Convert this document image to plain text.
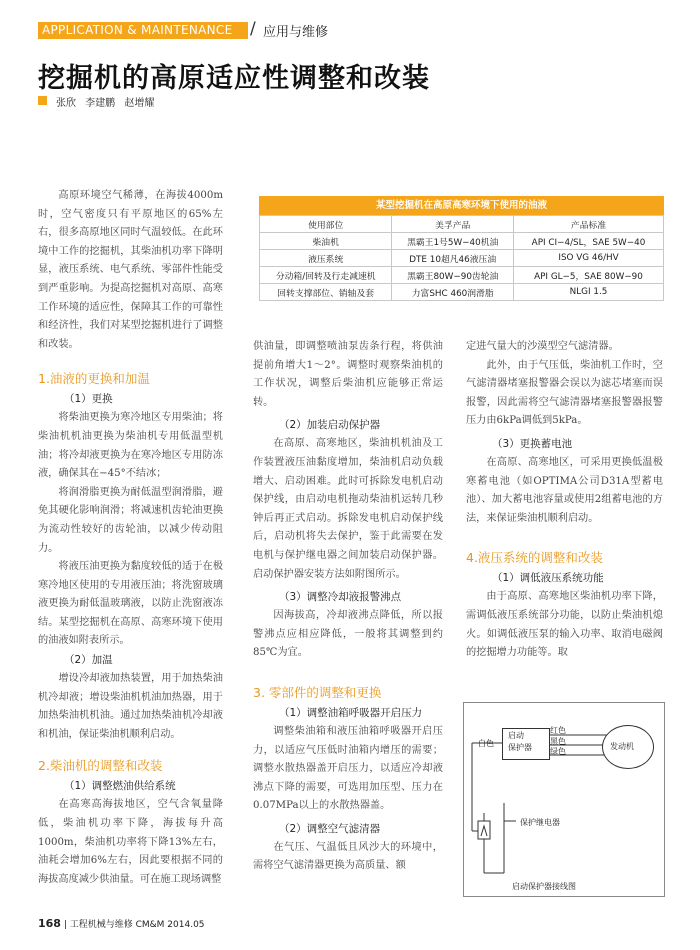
APPLICATION & MAINTENANCE / 应用与维修
挖掘机的高原适应性调整和改装
张欣 李建鹏 赵增耀

高原环境空气稀薄，在海拔4000m时，空气密度只有平原地区的65%左右，很多高原地区同时气温较低。在此环境中工作的挖掘机，其柴油机功率下降明显，液压系统、电气系统、零部件性能受到严重影响。为提高挖掘机对高原、高寒工作环境的适应性，保障其工作的可靠性和经济性，我们对某型挖掘机进行了调整和改装。

1.油液的更换和加温
（1）更换

将柴油更换为寒冷地区专用柴油；将柴油机机油更换为柴油机专用低温型机油；将冷却液更换为在寒冷地区专用防冻液，确保其在−45°不结冰；

将润滑脂更换为耐低温型润滑脂，避免其硬化影响润滑；将减速机齿轮油更换为流动性较好的齿轮油，以减少传动阻力。

将液压油更换为黏度较低的适于在极寒冷地区使用的专用液压油；将洗窗玻璃液更换为耐低温玻璃液，以防止洗窗液冻结。某型挖掘机在高原、高寒环境下使用的油液如附表所示。

（2）加温

增设冷却液加热装置，用于加热柴油机冷却液；增设柴油机机油加热器，用于加热柴油机机油。通过加热柴油机冷却液和机油，保证柴油机顺利启动。

2.柴油机的调整和改装
（1）调整燃油供给系统

在高寒高海拔地区，空气含氧量降低，柴油机功率下降，海拔每升高1000m，柴油机功率将下降13%左右，油耗会增加6%左右，因此要根据不同的海拔高度减少供油量。可在施工现场调整

某型挖掘机在高原高寒环境下使用的油液
使用部位	美孚产品	产品标准
柴油机	黑霸王1号5W−40机油	API CI−4/SL，SAE 5W−40
液压系统	DTE 10超凡46液压油	ISO VG 46/HV
分动箱/回转及行走减速机	黑霸王80W−90齿轮油	API GL−5，SAE 80W−90
回转支撑部位、销轴及套	力富SHC 460润滑脂	NLGI 1.5

供油量，即调整喷油泵齿条行程，将供油提前角增大1～2°。调整时观察柴油机的工作状况，调整后柴油机应能够正常运转。

（2）加装启动保护器

在高原、高寒地区，柴油机机油及工作装置液压油黏度增加，柴油机启动负载增大、启动困难。此时可拆除发电机启动保护线，由启动电机拖动柴油机运转几秒钟后再正式启动。拆除发电机启动保护线后，启动机将失去保护，鉴于此需要在发电机与保护继电器之间加装启动保护器。启动保护器安装方法如附图所示。

（3）调整冷却液报警沸点

因海拔高，冷却液沸点降低，所以报警沸点应相应降低，一般将其调整到约85℃为宜。

3. 零部件的调整和更换
（1）调整油箱呼吸器开启压力

调整柴油箱和液压油箱呼吸器开启压力，以适应气压低时油箱内增压的需要；调整水散热器盖开启压力，以适应冷却液沸点下降的需要，可选用加压型、压力在0.07MPa以上的水散热器盖。

（2）调整空气滤清器

在气压、气温低且风沙大的环境中，需将空气滤清器更换为高质量、额

定进气量大的沙漠型空气滤清器。

此外，由于气压低，柴油机工作时，空气滤清器堵塞报警器会误以为滤芯堵塞而误报警，因此需将空气滤清器堵塞报警器报警压力由6kPa调低到5kPa。

（3）更换蓄电池

在高原、高寒地区，可采用更换低温极寒蓄电池（如OPTIMA公司D31A型蓄电池）、加大蓄电池容量或使用2组蓄电池的方法，来保证柴油机顺利启动。

4.液压系统的调整和改装
（1）调低液压系统功能

由于高原、高寒地区柴油机功率下降，需调低液压系统部分功能，以防止柴油机熄火。如调低液压泵的输入功率、取消电磁阀的挖掘增力功能等。取

启动
保护器
白色
红色
黑色
绿色
发动机
保护继电器
启动保护器接线图
168 | 工程机械与维修 CM&M 2014.05
